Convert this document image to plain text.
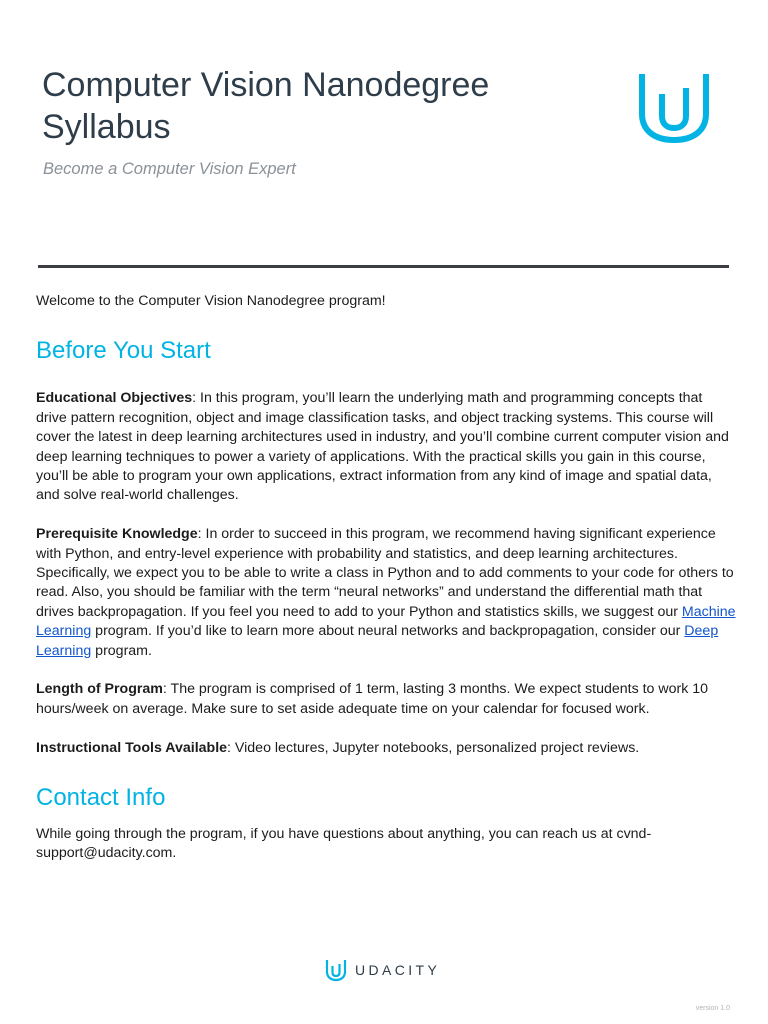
Computer Vision Nanodegree
Syllabus
Become a Computer Vision Expert

Welcome to the Computer Vision Nanodegree program!

Before You Start

Educational Objectives: In this program, you’ll learn the underlying math and programming concepts that drive pattern recognition, object and image classification tasks, and object tracking systems. This course will cover the latest in deep learning architectures used in industry, and you’ll combine current computer vision and deep learning techniques to power a variety of applications. With the practical skills you gain in this course, you’ll be able to program your own applications, extract information from any kind of image and spatial data, and solve real-world challenges.

Prerequisite Knowledge: In order to succeed in this program, we recommend having significant experience with Python, and entry-level experience with probability and statistics, and deep learning architectures. Specifically, we expect you to be able to write a class in Python and to add comments to your code for others to read. Also, you should be familiar with the term “neural networks” and understand the differential math that drives backpropagation. If you feel you need to add to your Python and statistics skills, we suggest our Machine Learning program. If you’d like to learn more about neural networks and backpropagation, consider our Deep Learning program.

Length of Program: The program is comprised of 1 term, lasting 3 months. We expect students to work 10 hours/week on average. Make sure to set aside adequate time on your calendar for focused work.

Instructional Tools Available: Video lectures, Jupyter notebooks, personalized project reviews.

Contact Info

While going through the program, if you have questions about anything, you can reach us at cvnd-support@udacity.com.

UDACITY
version 1.0
